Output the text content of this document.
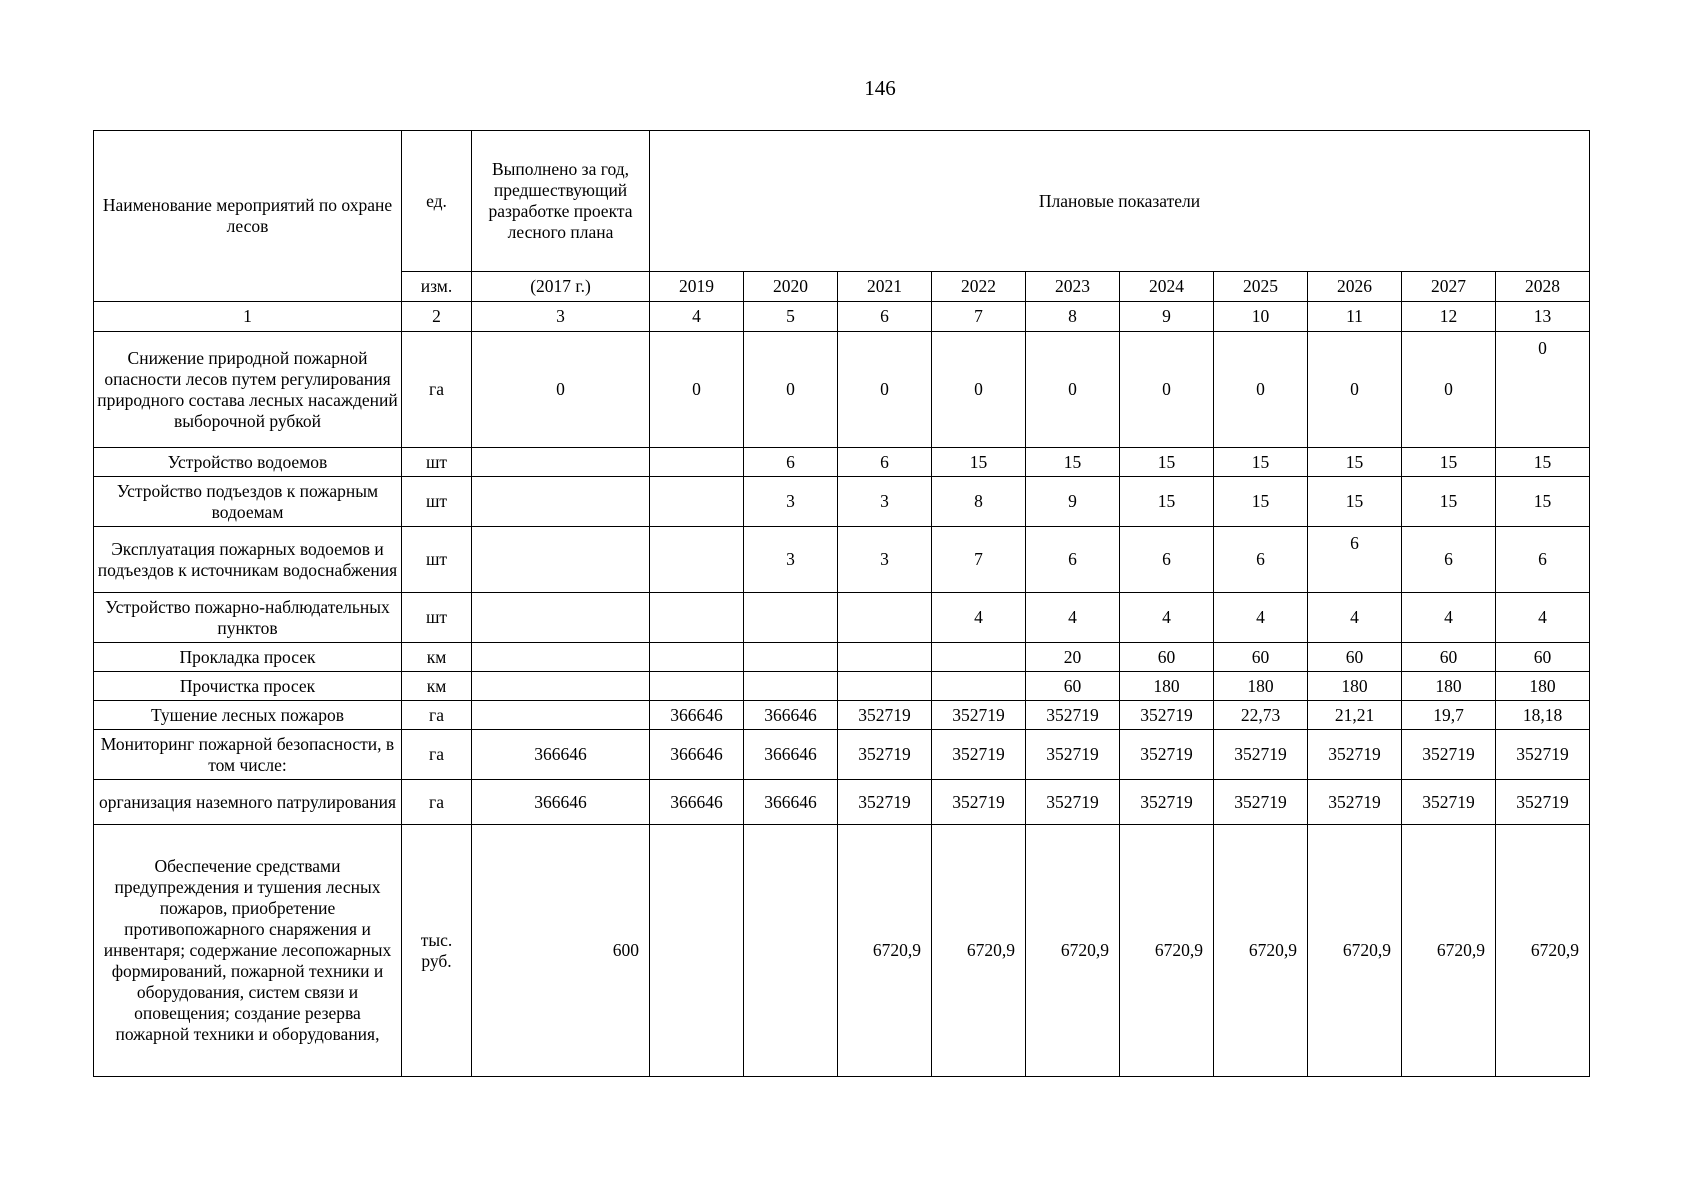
146
Наименование мероприятий по охране лесов	ед.	Выполнено за год, предшествующий разработке проекта лесного плана	Плановые показатели									
	изм.	(2017 г.)	2019	2020	2021	2022	2023	2024	2025	2026	2027	2028
1	2	3	4	5	6	7	8	9	10	11	12	13
Снижение природной пожарной опасности лесов путем регулирования природного состава лесных насаждений выборочной рубкой	га	0	0	0	0	0	0	0	0	0	0	0
Устройство водоемов	шт			6	6	15	15	15	15	15	15	15
Устройство подъездов к пожарным водоемам	шт			3	3	8	9	15	15	15	15	15
Эксплуатация пожарных водоемов и подъездов к источникам водоснабжения	шт			3	3	7	6	6	6	6	6	6
Устройство пожарно-наблюдательных пунктов	шт					4	4	4	4	4	4	4
Прокладка просек	км						20	60	60	60	60	60
Прочистка просек	км						60	180	180	180	180	180
Тушение лесных пожаров	га		366646	366646	352719	352719	352719	352719	22,73	21,21	19,7	18,18
Мониторинг пожарной безопасности, в том числе:	га	366646	366646	366646	352719	352719	352719	352719	352719	352719	352719	352719
организация наземного патрулирования	га	366646	366646	366646	352719	352719	352719	352719	352719	352719	352719	352719
Обеспечение средствами предупреждения и тушения лесных пожаров, приобретение противопожарного снаряжения и инвентаря; содержание лесопожарных формирований, пожарной техники и оборудования, систем связи и оповещения; создание резерва пожарной техники и оборудования,	тыс. руб.	600			6720,9	6720,9	6720,9	6720,9	6720,9	6720,9	6720,9	6720,9
